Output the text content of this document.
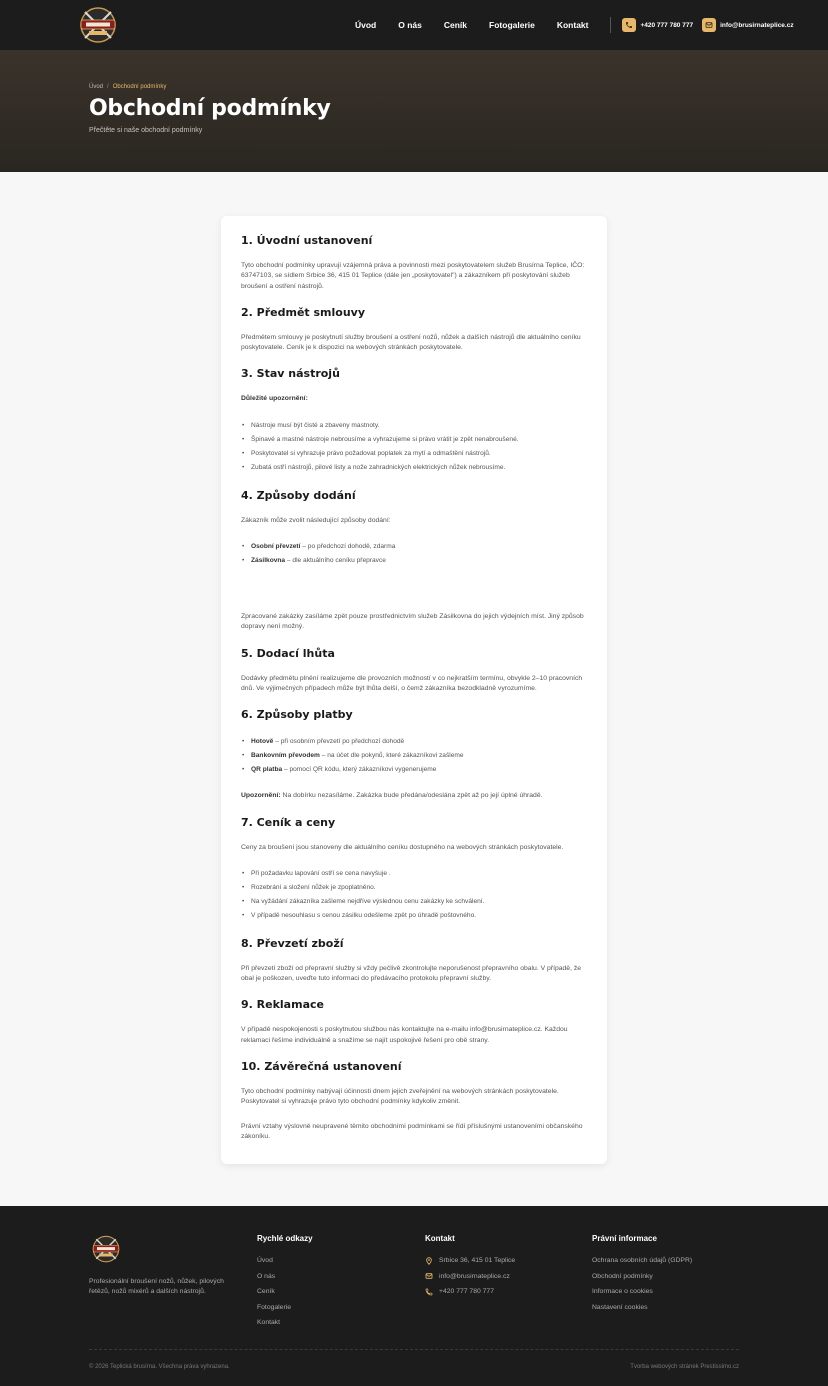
Úvod	O nás	Ceník	Fotogalerie	Kontakt	+420 777 780 777	info@brusirnateplice.cz
Úvod / Obchodní podmínky
Obchodní podmínky
Přečtěte si naše obchodní podmínky
1. Úvodní ustanovení

Tyto obchodní podmínky upravují vzájemná práva a povinnosti mezi poskytovatelem služeb Brusírna Teplice, IČO: 63747103, se sídlem Srbice 36, 415 01 Teplice (dále jen „poskytovatel") a zákazníkem při poskytování služeb broušení a ostření nástrojů.

2. Předmět smlouvy

Předmětem smlouvy je poskytnutí služby broušení a ostření nožů, nůžek a dalších nástrojů dle aktuálního ceníku poskytovatele. Ceník je k dispozici na webových stránkách poskytovatele.

3. Stav nástrojů

Důležité upozornění:

• Nástroje musí být čisté a zbaveny mastnoty.
• Špinavé a mastné nástroje nebrousíme a vyhrazujeme si právo vrátit je zpět nenabroušené.
• Poskytovatel si vyhrazuje právo požadovat poplatek za mytí a odmaštění nástrojů.
• Zubatá ostří nástrojů, pilové listy a nože zahradnických elektrických nůžek nebrousíme.
4. Způsoby dodání

Zákazník může zvolit následující způsoby dodání:

• Osobní převzetí – po předchozí dohodě, zdarma
• Zásilkovna – dle aktuálního ceníku přepravce

Zpracované zakázky zasíláme zpět pouze prostřednictvím služeb Zásilkovna do jejich výdejních míst. Jiný způsob dopravy není možný.

5. Dodací lhůta

Dodávky předmětu plnění realizujeme dle provozních možností v co nejkratším termínu, obvykle 2–10 pracovních dnů. Ve výjimečných případech může být lhůta delší, o čemž zákazníka bezodkladně vyrozumíme.

6. Způsoby platby
• Hotově – při osobním převzetí po předchozí dohodě
• Bankovním převodem – na účet dle pokynů, které zákazníkovi zašleme
• QR platba – pomocí QR kódu, který zákazníkovi vygenerujeme

Upozornění: Na dobírku nezasíláme. Zakázka bude předána/odeslána zpět až po její úplné úhradě.

7. Ceník a ceny

Ceny za broušení jsou stanoveny dle aktuálního ceníku dostupného na webových stránkách poskytovatele.

• Při požadavku lapování ostří se cena navyšuje .
• Rozebrání a složení nůžek je zpoplatněno.
• Na vyžádání zákazníka zašleme nejdříve výslednou cenu zakázky ke schválení.
• V případě nesouhlasu s cenou zásilku odešleme zpět po úhradě poštovného.
8. Převzetí zboží

Při převzetí zboží od přepravní služby si vždy pečlivě zkontrolujte neporušenost přepravního obalu. V případě, že obal je poškozen, uveďte tuto informaci do předávacího protokolu přepravní služby.

9. Reklamace

V případě nespokojenosti s poskytnutou službou nás kontaktujte na e-mailu info@brusirnateplice.cz. Každou reklamaci řešíme individuálně a snažíme se najít uspokojivé řešení pro obě strany.

10. Závěrečná ustanovení

Tyto obchodní podmínky nabývají účinnosti dnem jejich zveřejnění na webových stránkách poskytovatele. Poskytovatel si vyhrazuje právo tyto obchodní podmínky kdykoliv změnit.

Právní vztahy výslovně neupravené těmito obchodními podmínkami se řídí příslušnými ustanoveními občanského zákoníku.

Profesionální broušení nožů, nůžek, pilových řetězů, nožů mixérů a dalších nástrojů.
Rychlé odkazy
Úvod
O nás
Ceník
Fotogalerie
Kontakt
Kontakt
Srbice 36, 415 01 Teplice
info@brusirnateplice.cz
+420 777 780 777
Právní informace
Ochrana osobních údajů (GDPR)
Obchodní podmínky
Informace o cookies
Nastavení cookies
© 2026 Teplická brusírna. Všechna práva vyhrazena.	Tvorba webových stránek Prestissimo.cz
